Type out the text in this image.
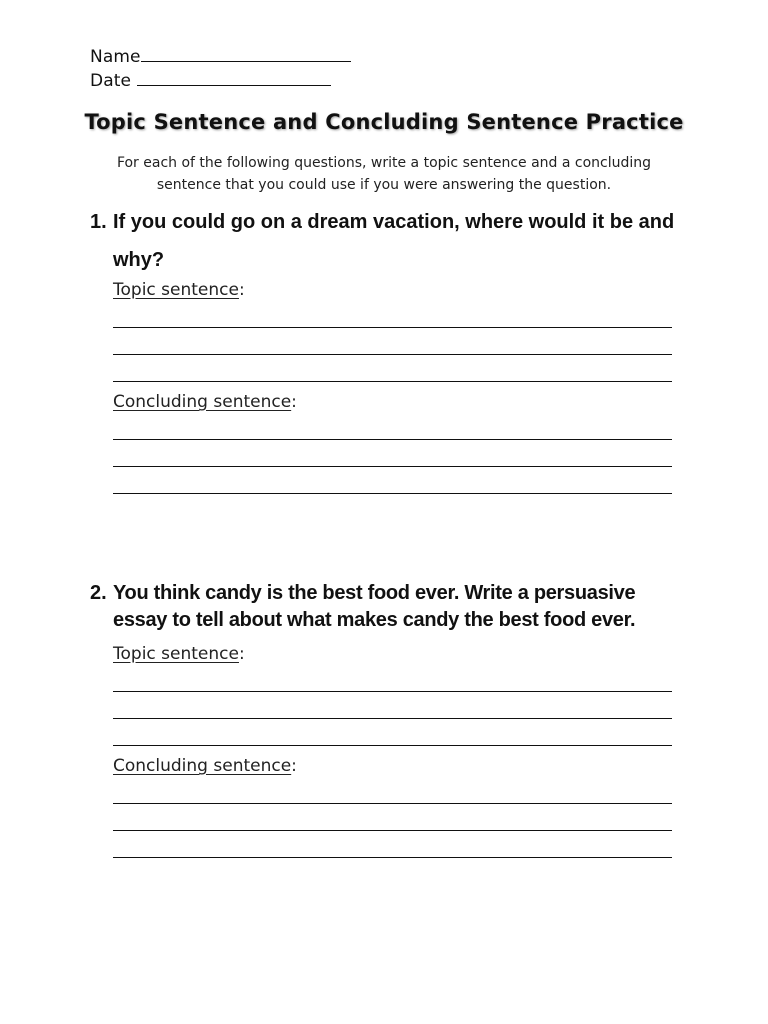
Name
Date
Topic Sentence and Concluding Sentence Practice
For each of the following questions, write a topic sentence and a concluding sentence that you could use if you were answering the question.
1. If you could go on a dream vacation, where would it be and why?
Topic sentence:
Concluding sentence:
2. You think candy is the best food ever. Write a persuasive essay to tell about what makes candy the best food ever.
Topic sentence:
Concluding sentence:
